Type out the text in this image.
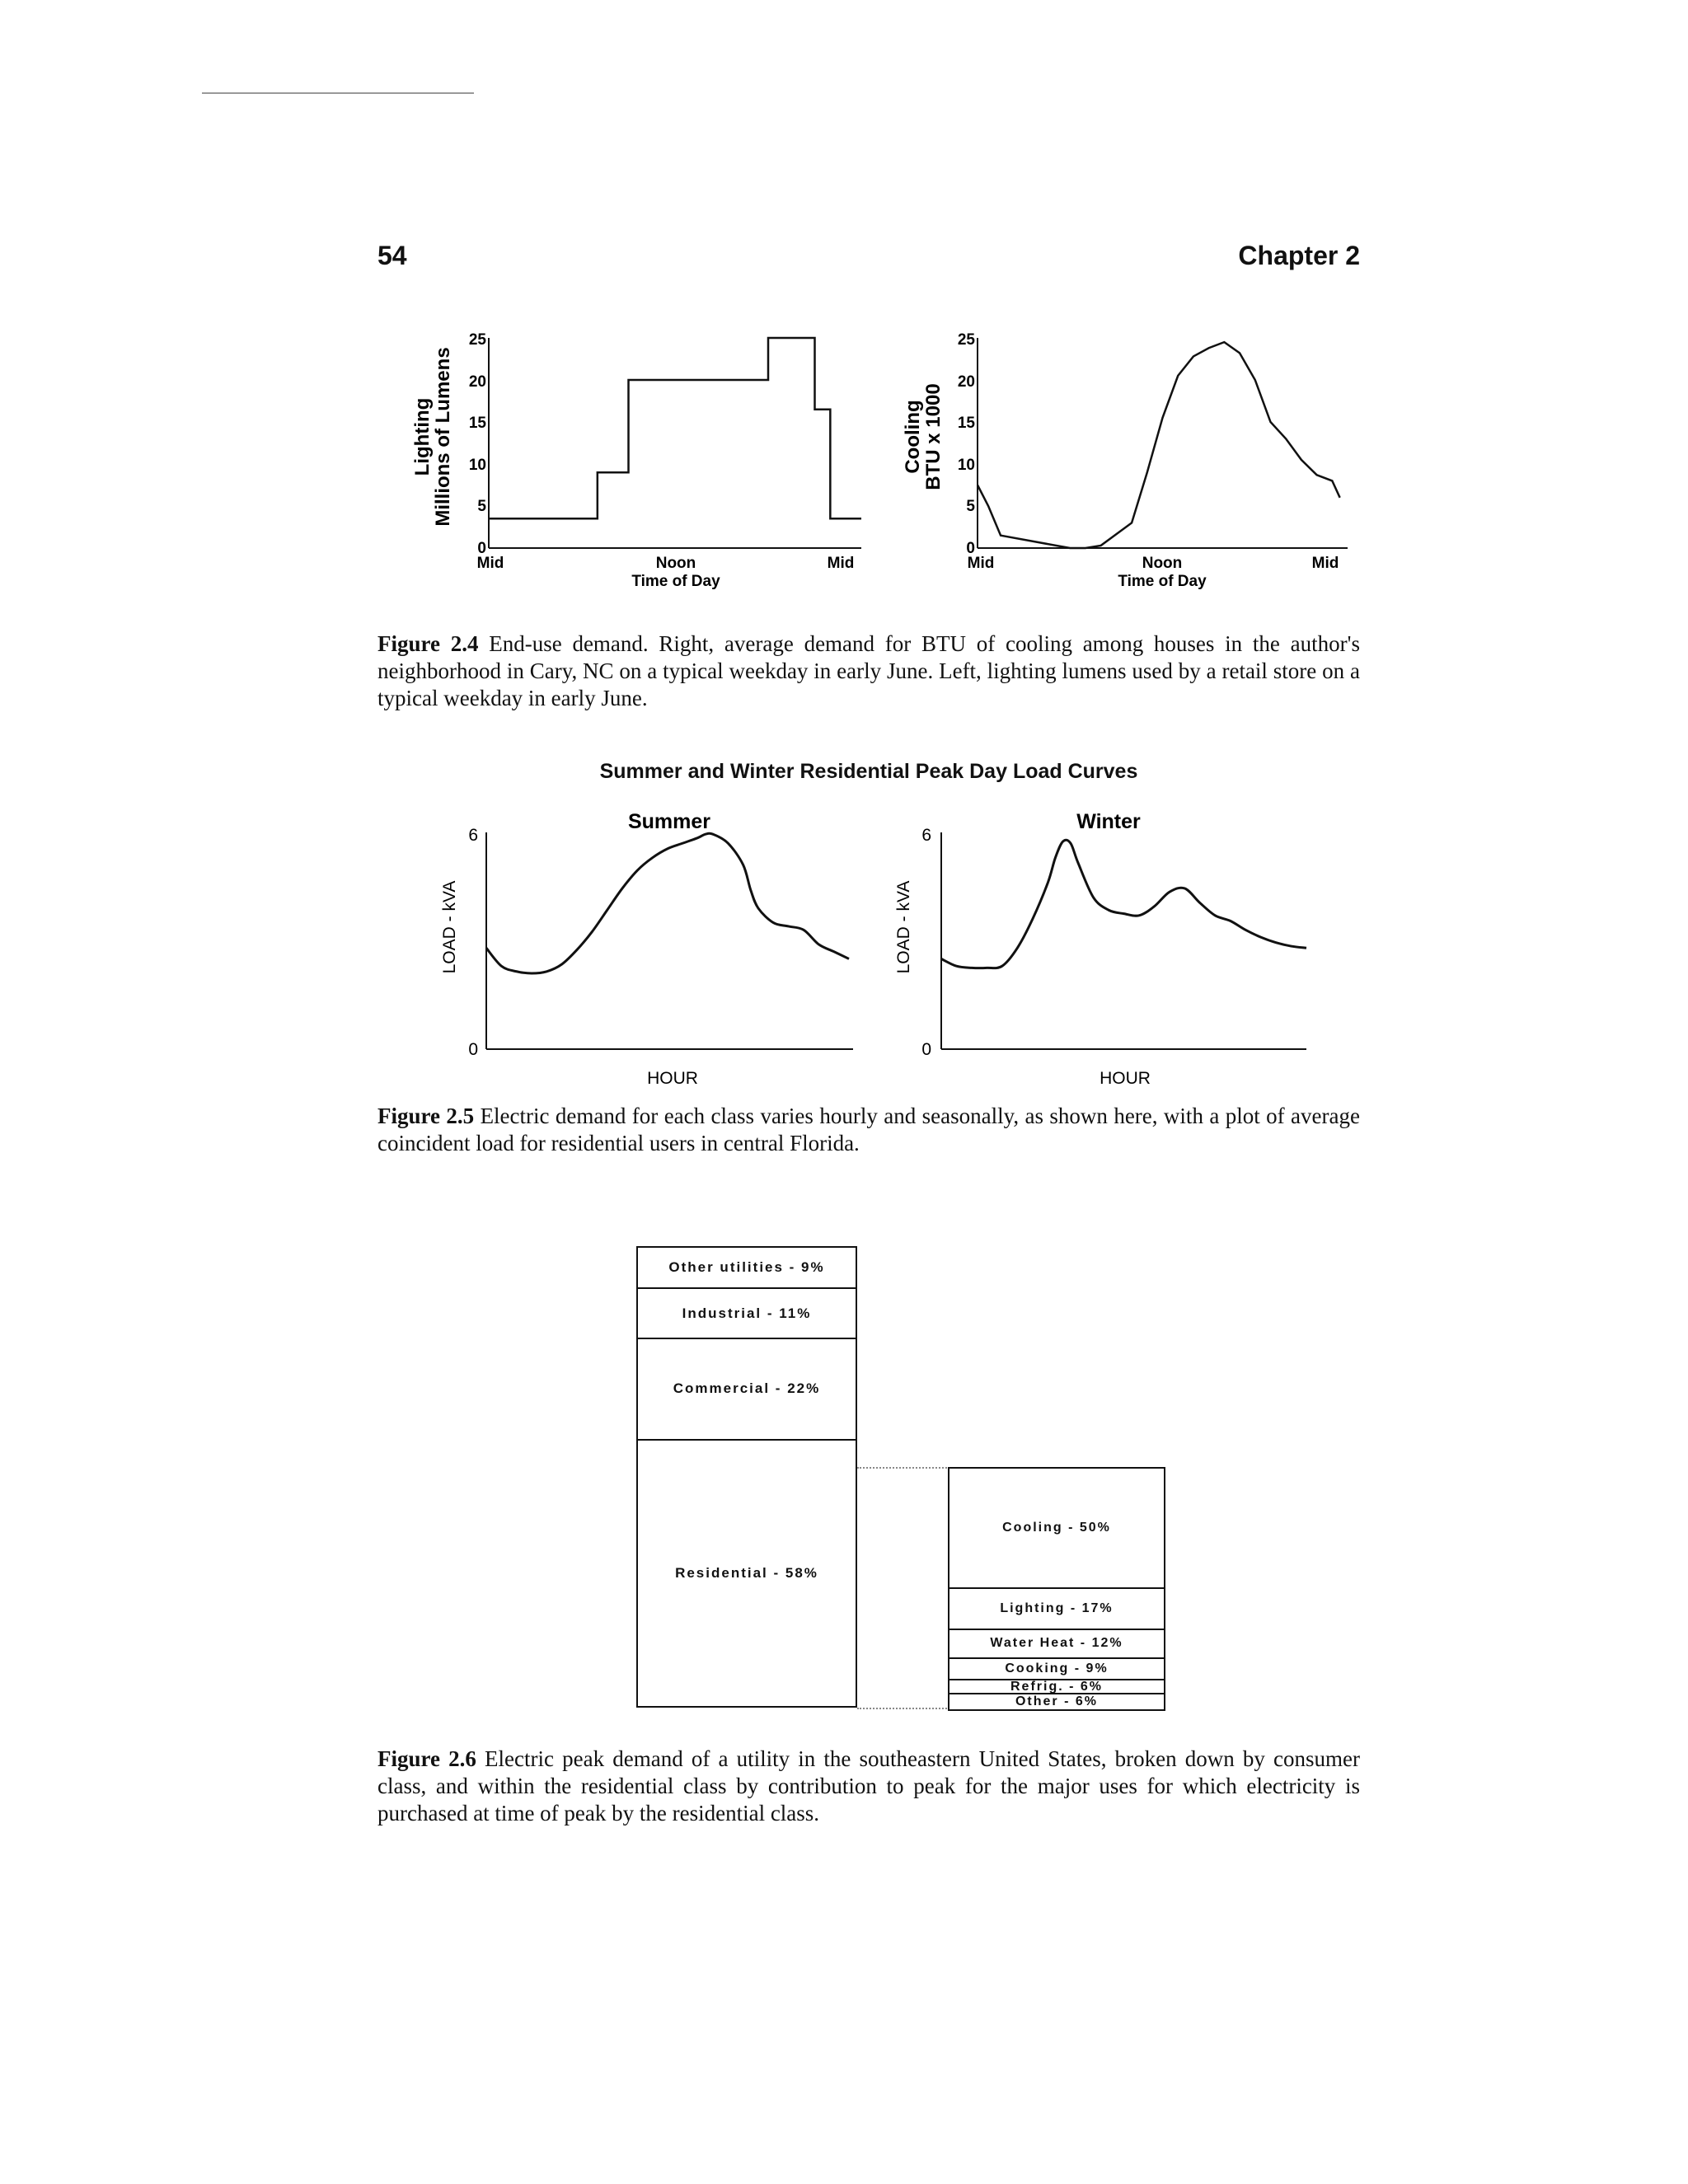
54	Chapter 2
Lighting
Millions of Lumens
0
5
10
15
20
25
Mid	Noon	Mid
Time of Day
Cooling
BTU x 1000
0
5
10
15
20
25
Mid	Noon	Mid
Time of Day
Figure 2.4 End-use demand. Right, average demand for BTU of cooling among houses in the author's neighborhood in Cary, NC on a typical weekday in early June. Left, lighting lumens used by a retail store on a typical weekday in early June.
Summer and Winter Residential Peak Day Load Curves
Summer
LOAD - kVA
6
0
HOUR
Winter
LOAD - kVA
6
0
HOUR
Figure 2.5 Electric demand for each class varies hourly and seasonally, as shown here, with a plot of average coincident load for residential users in central Florida.
Other utilities - 9%
Industrial - 11%
Commercial - 22%
Residential - 58%
Cooling - 50%
Lighting - 17%
Water Heat - 12%
Cooking - 9%
Refrig. - 6%
Other - 6%
Figure 2.6 Electric peak demand of a utility in the southeastern United States, broken down by consumer class, and within the residential class by contribution to peak for the major uses for which electricity is purchased at time of peak by the residential class.
